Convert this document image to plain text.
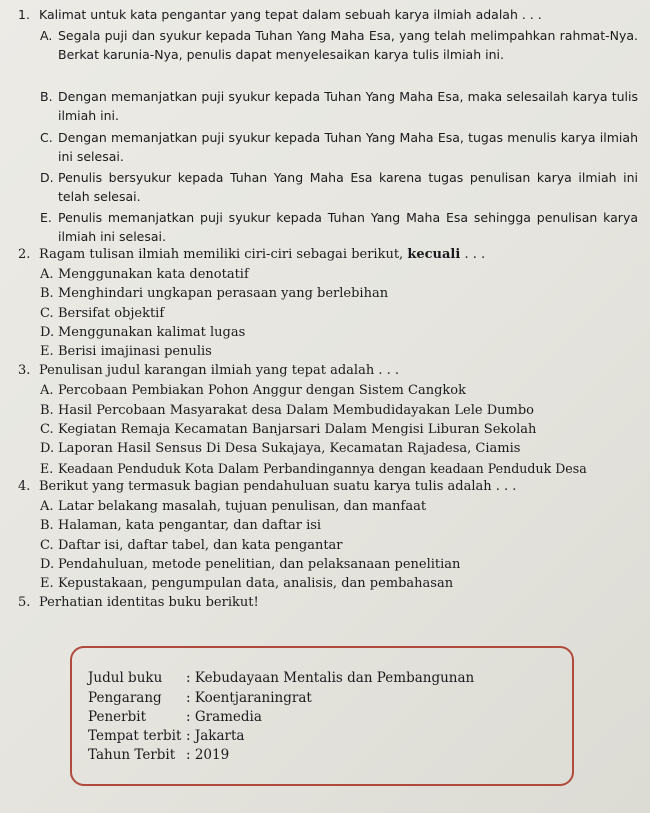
1. Kalimat untuk kata pengantar yang tepat dalam sebuah karya ilmiah adalah . . .
A. Segala puji dan syukur kepada Tuhan Yang Maha Esa, yang telah melimpahkan rahmat-Nya. Berkat karunia-Nya, penulis dapat menyelesaikan karya tulis ilmiah ini.
B. Dengan memanjatkan puji syukur kepada Tuhan Yang Maha Esa, maka selesailah karya tulis ilmiah ini.
C. Dengan memanjatkan puji syukur kepada Tuhan Yang Maha Esa, tugas menulis karya ilmiah ini selesai.
D. Penulis bersyukur kepada Tuhan Yang Maha Esa karena tugas penulisan karya ilmiah ini telah selesai.
E. Penulis memanjatkan puji syukur kepada Tuhan Yang Maha Esa sehingga penulisan karya ilmiah ini selesai.
2. Ragam tulisan ilmiah memiliki ciri-ciri sebagai berikut, kecuali . . .
A. Menggunakan kata denotatif
B. Menghindari ungkapan perasaan yang berlebihan
C. Bersifat objektif
D. Menggunakan kalimat lugas
E. Berisi imajinasi penulis
3. Penulisan judul karangan ilmiah yang tepat adalah . . .
A. Percobaan Pembiakan Pohon Anggur dengan Sistem Cangkok
B. Hasil Percobaan Masyarakat desa Dalam Membudidayakan Lele Dumbo
C. Kegiatan Remaja Kecamatan Banjarsari Dalam Mengisi Liburan Sekolah
D. Laporan Hasil Sensus Di Desa Sukajaya, Kecamatan Rajadesa, Ciamis
E. Keadaan Penduduk Kota Dalam Perbandingannya dengan keadaan Penduduk Desa
4. Berikut yang termasuk bagian pendahuluan suatu karya tulis adalah . . .
A. Latar belakang masalah, tujuan penulisan, dan manfaat
B. Halaman, kata pengantar, dan daftar isi
C. Daftar isi, daftar tabel, dan kata pengantar
D. Pendahuluan, metode penelitian, dan pelaksanaan penelitian
E. Kepustakaan, pengumpulan data, analisis, dan pembahasan
5. Perhatian identitas buku berikut!
Judul buku : Kebudayaan Mentalis dan Pembangunan
Pengarang : Koentjaraningrat
Penerbit	: Gramedia
Tempat terbit : Jakarta
Tahun Terbit : 2019
